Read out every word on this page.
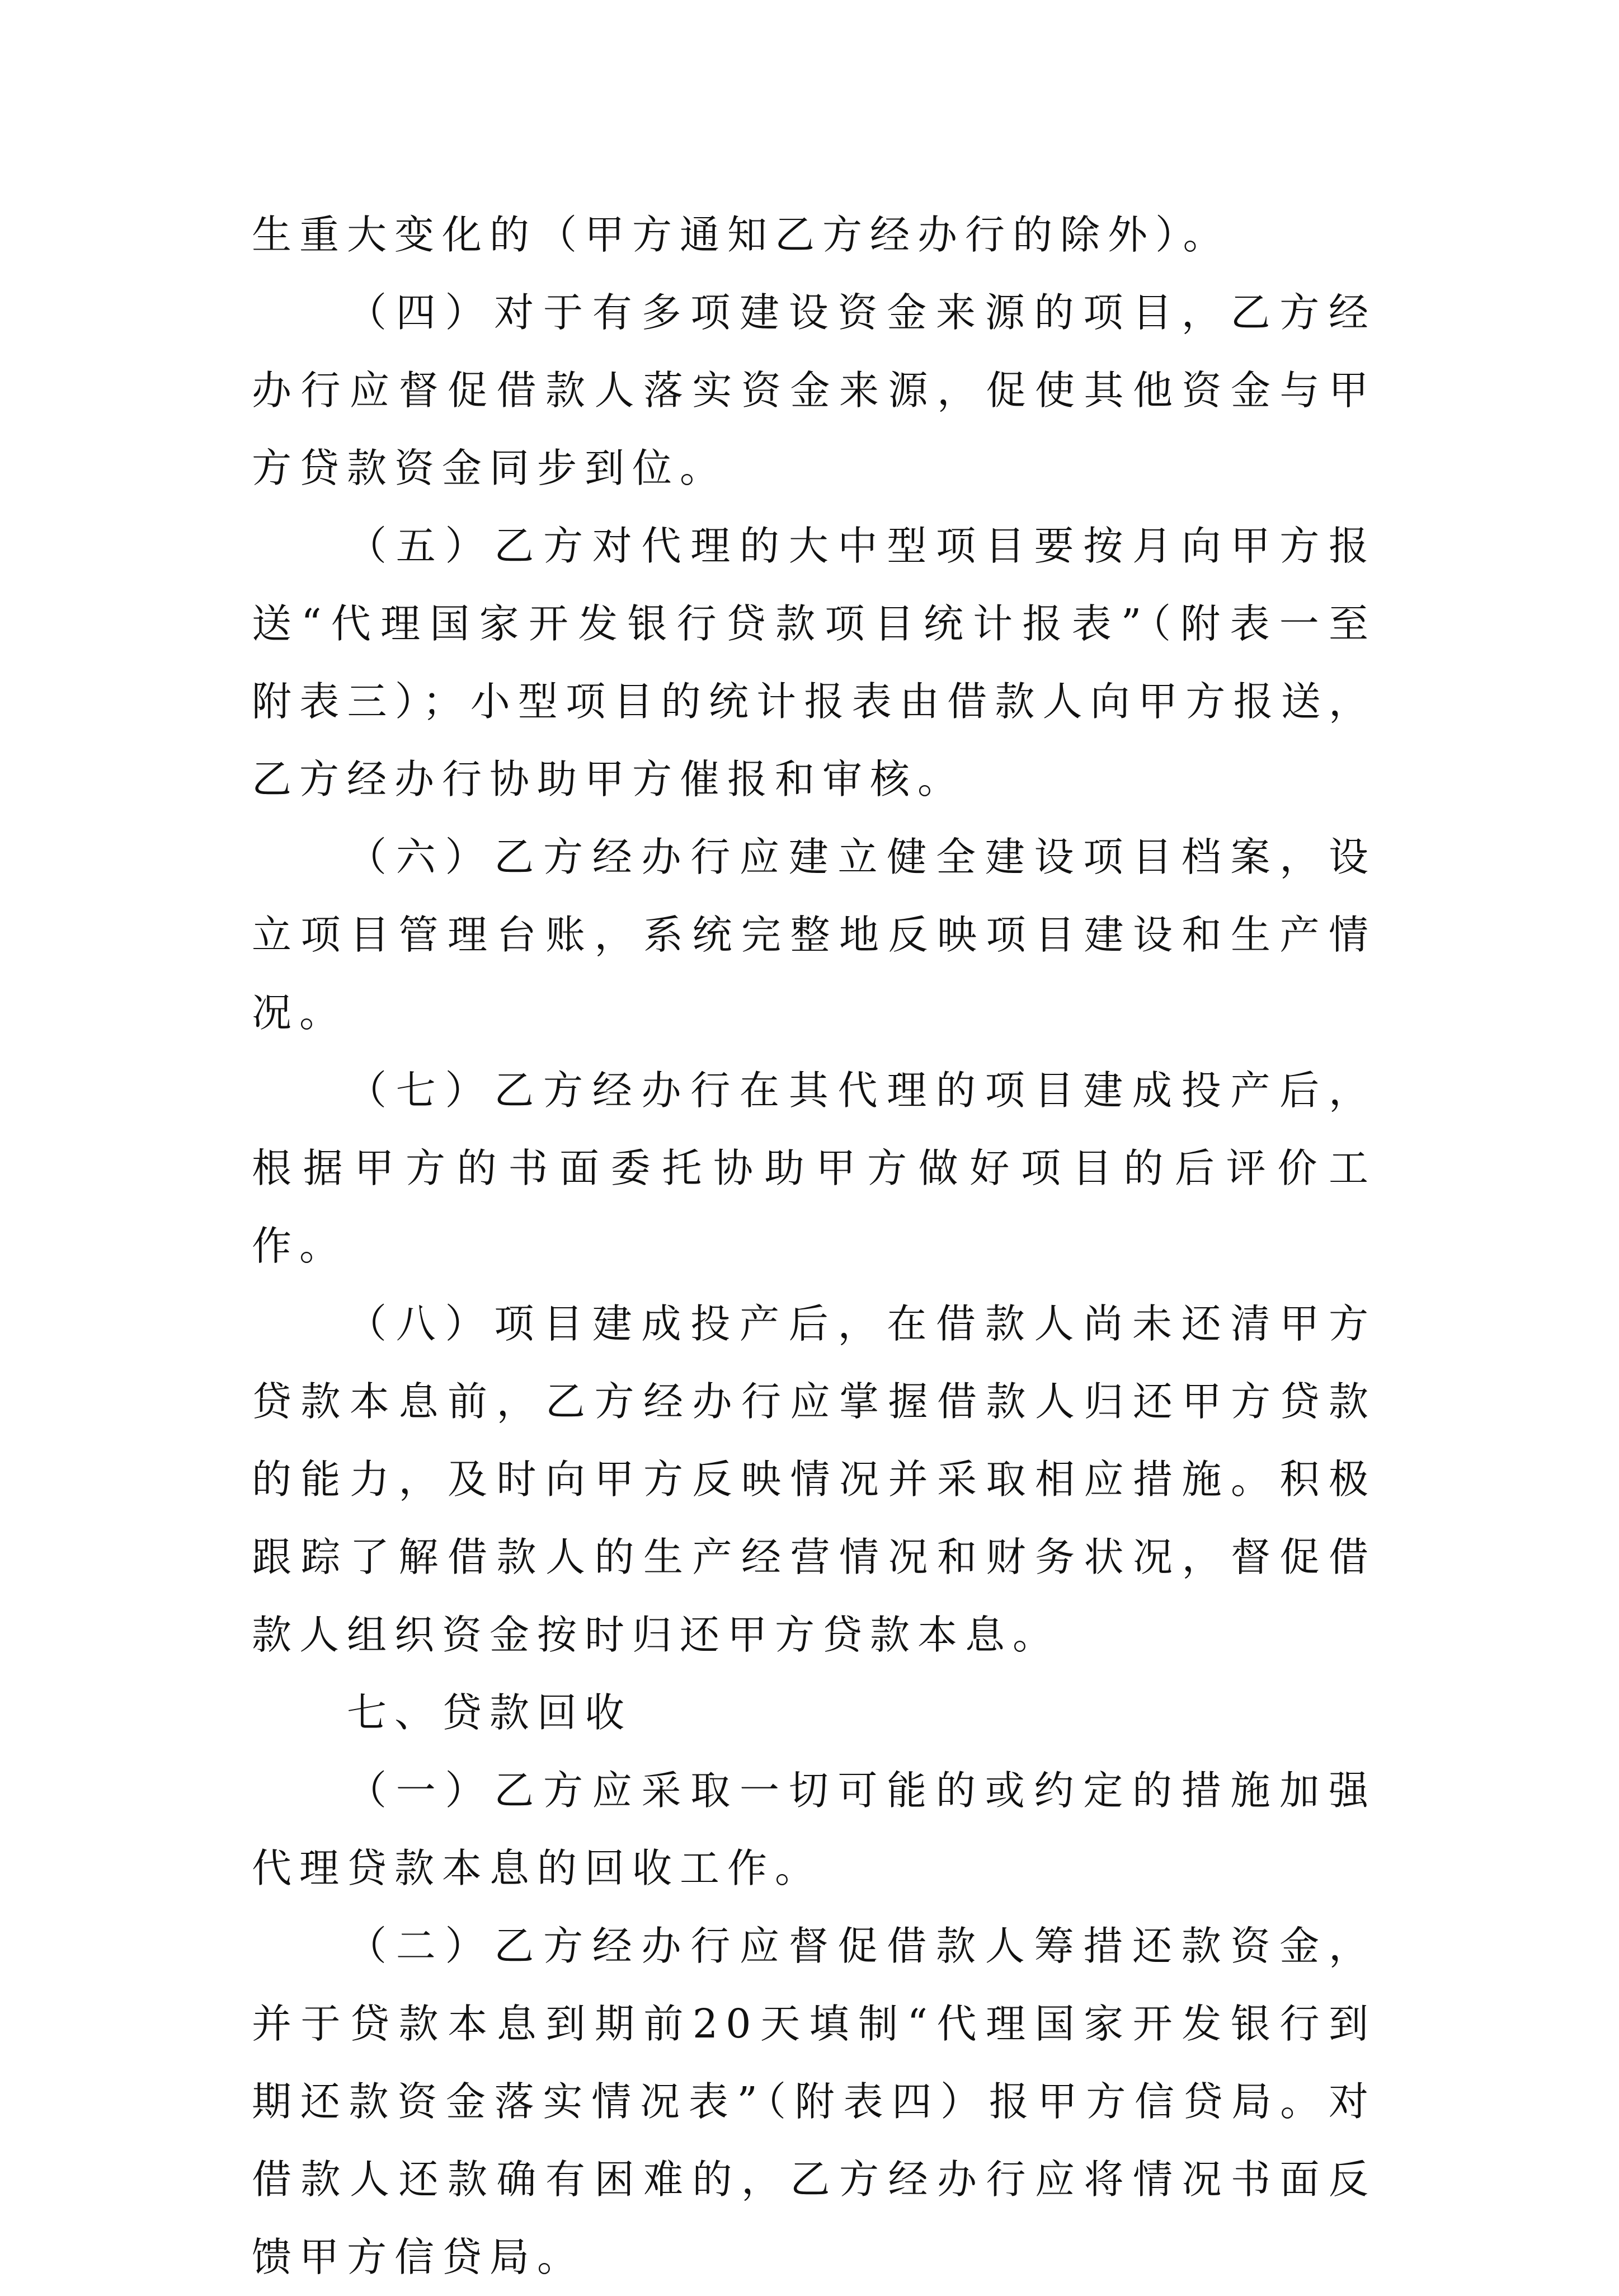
生重大变化的（甲方通知乙方经办行的除外）。

（四）对于有多项建设资金来源的项目，乙方经办行应督促借款人落实资金来源，促使其他资金与甲方贷款资金同步到位。

（五）乙方对代理的大中型项目要按月向甲方报送“代理国家开发银行贷款项目统计报表”（附表一至附表三）；小型项目的统计报表由借款人向甲方报送，乙方经办行协助甲方催报和审核。

（六）乙方经办行应建立健全建设项目档案，设立项目管理台账，系统完整地反映项目建设和生产情况。

（七）乙方经办行在其代理的项目建成投产后，根据甲方的书面委托协助甲方做好项目的后评价工作。

（八）项目建成投产后，在借款人尚未还清甲方贷款本息前，乙方经办行应掌握借款人归还甲方贷款的能力，及时向甲方反映情况并采取相应措施。积极跟踪了解借款人的生产经营情况和财务状况，督促借款人组织资金按时归还甲方贷款本息。

七、贷款回收

（一）乙方应采取一切可能的或约定的措施加强代理贷款本息的回收工作。

（二）乙方经办行应督促借款人筹措还款资金，并于贷款本息到期前20天填制“代理国家开发银行到期还款资金落实情况表”（附表四）报甲方信贷局。对借款人还款确有困难的，乙方经办行应将情况书面反馈甲方信贷局。
